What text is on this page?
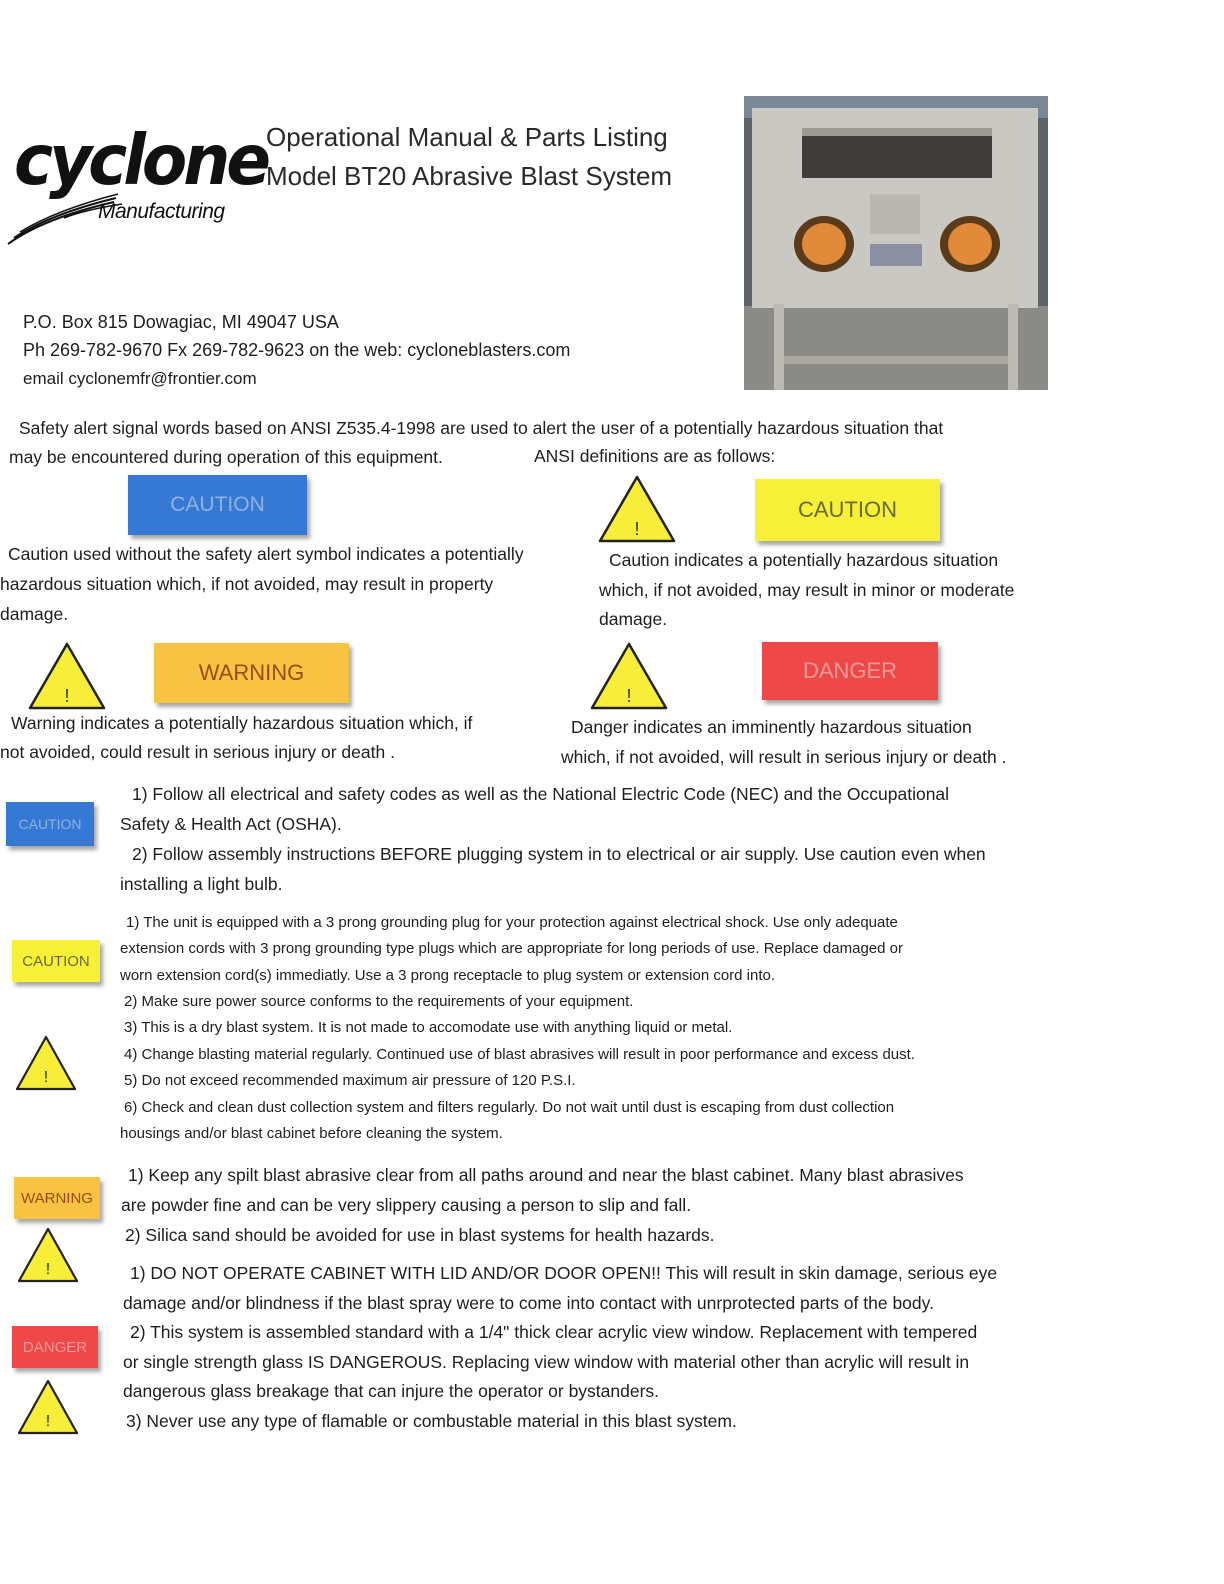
cyclone
Manufacturing
Operational Manual & Parts Listing
Model BT20 Abrasive Blast System
P.O. Box 815 Dowagiac, MI 49047 USA
Ph 269-782-9670 Fx 269-782-9623 on the web: cycloneblasters.com
email cyclonemfr@frontier.com
Safety alert signal words based on ANSI Z535.4-1998 are used to alert the user of a potentially hazardous situation that
may be encountered during operation of this equipment.	ANSI definitions are as follows:
CAUTION
Caution used without the safety alert symbol indicates a potentially
hazardous situation which, if not avoided, may result in property
damage.
!
CAUTION
Caution indicates a potentially hazardous situation
which, if not avoided, may result in minor or moderate
damage.
!
WARNING
Warning indicates a potentially hazardous situation which, if
not avoided, could result in serious injury or death .
!
DANGER
Danger indicates an imminently hazardous situation
which, if not avoided, will result in serious injury or death .
CAUTION
1) Follow all electrical and safety codes as well as the National Electric Code (NEC) and the Occupational
Safety & Health Act (OSHA).
2) Follow assembly instructions BEFORE plugging system in to electrical or air supply. Use caution even when
installing a light bulb.
CAUTION
!
1) The unit is equipped with a 3 prong grounding plug for your protection against electrical shock. Use only adequate
extension cords with 3 prong grounding type plugs which are appropriate for long periods of use. Replace damaged or
worn extension cord(s) immediatly. Use a 3 prong receptacle to plug system or extension cord into.
2) Make sure power source conforms to the requirements of your equipment.
3) This is a dry blast system. It is not made to accomodate use with anything liquid or metal.
4) Change blasting material regularly. Continued use of blast abrasives will result in poor performance and excess dust.
5) Do not exceed recommended maximum air pressure of 120 P.S.I.
6) Check and clean dust collection system and filters regularly. Do not wait until dust is escaping from dust collection
housings and/or blast cabinet before cleaning the system.
WARNING
!
1) Keep any spilt blast abrasive clear from all paths around and near the blast cabinet. Many blast abrasives
are powder fine and can be very slippery causing a person to slip and fall.
2) Silica sand should be avoided for use in blast systems for health hazards.
DANGER
!
1) DO NOT OPERATE CABINET WITH LID AND/OR DOOR OPEN!! This will result in skin damage, serious eye
damage and/or blindness if the blast spray were to come into contact with unrprotected parts of the body.
2) This system is assembled standard with a 1/4" thick clear acrylic view window. Replacement with tempered
or single strength glass IS DANGEROUS. Replacing view window with material other than acrylic will result in
dangerous glass breakage that can injure the operator or bystanders.
3) Never use any type of flamable or combustable material in this blast system.
